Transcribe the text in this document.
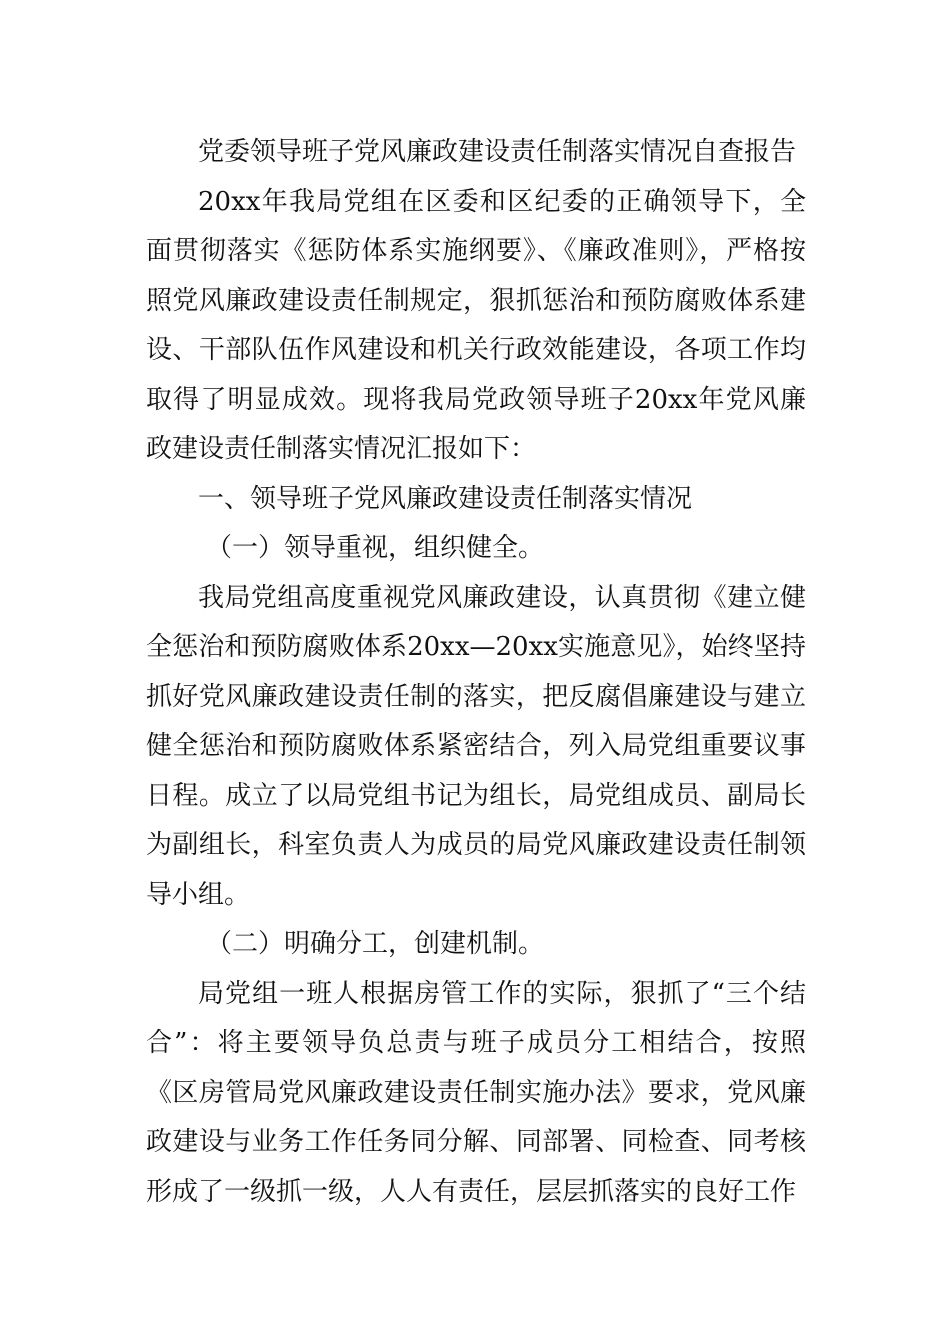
党委领导班子党风廉政建设责任制落实情况自查报告

20xx年我局党组在区委和区纪委的正确领导下，全面贯彻落实《惩防体系实施纲要》、《廉政准则》，严格按照党风廉政建设责任制规定，狠抓惩治和预防腐败体系建设、干部队伍作风建设和机关行政效能建设，各项工作均取得了明显成效。现将我局党政领导班子20xx年党风廉政建设责任制落实情况汇报如下：

一、领导班子党风廉政建设责任制落实情况

（一）领导重视，组织健全。

我局党组高度重视党风廉政建设，认真贯彻《建立健全惩治和预防腐败体系20xx—20xx实施意见》，始终坚持抓好党风廉政建设责任制的落实，把反腐倡廉建设与建立健全惩治和预防腐败体系紧密结合，列入局党组重要议事日程。成立了以局党组书记为组长，局党组成员、副局长为副组长，科室负责人为成员的局党风廉政建设责任制领导小组。

（二）明确分工，创建机制。

局党组一班人根据房管工作的实际，狠抓了“三个结合”：将主要领导负总责与班子成员分工相结合，按照《区房管局党风廉政建设责任制实施办法》要求，党风廉政建设与业务工作任务同分解、同部署、同检查、同考核形成了一级抓一级，人人有责任，层层抓落实的良好工作
